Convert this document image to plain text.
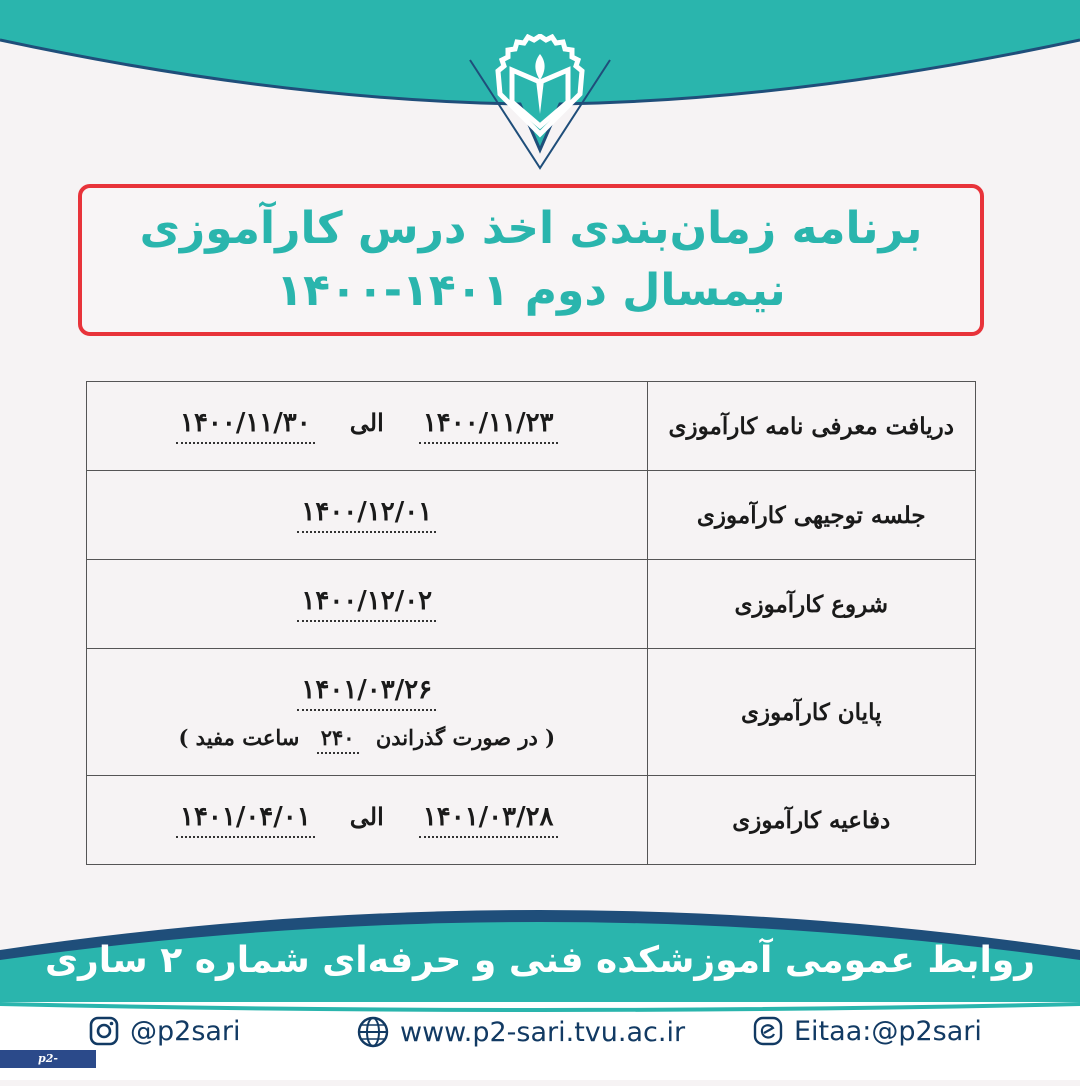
برنامه زمان‌بندی اخذ درس کارآموزی
نیمسال دوم ۱۴۰۱-۱۴۰۰
دریافت معرفی نامه کارآموزی	۱۴۰۰/۱۱/۲۳ الی ۱۴۰۰/۱۱/۳۰
جلسه توجیهی کارآموزی	۱۴۰۰/۱۲/۰۱
شروع کارآموزی	۱۴۰۰/۱۲/۰۲
پایان کارآموزی	۱۴۰۱/۰۳/۲۶
( در صورت گذراندن ۲۴۰ ساعت مفید )

دفاعیه کارآموزی	۱۴۰۱/۰۳/۲۸ الی ۱۴۰۱/۰۴/۰۱
روابط عمومی آموزشکده فنی و حرفه‌ای شماره ۲ ساری
@p2sari	www.p2-sari.tvu.ac.ir	Eitaa:@p2sari
p2-sari.nus.ac.ir
